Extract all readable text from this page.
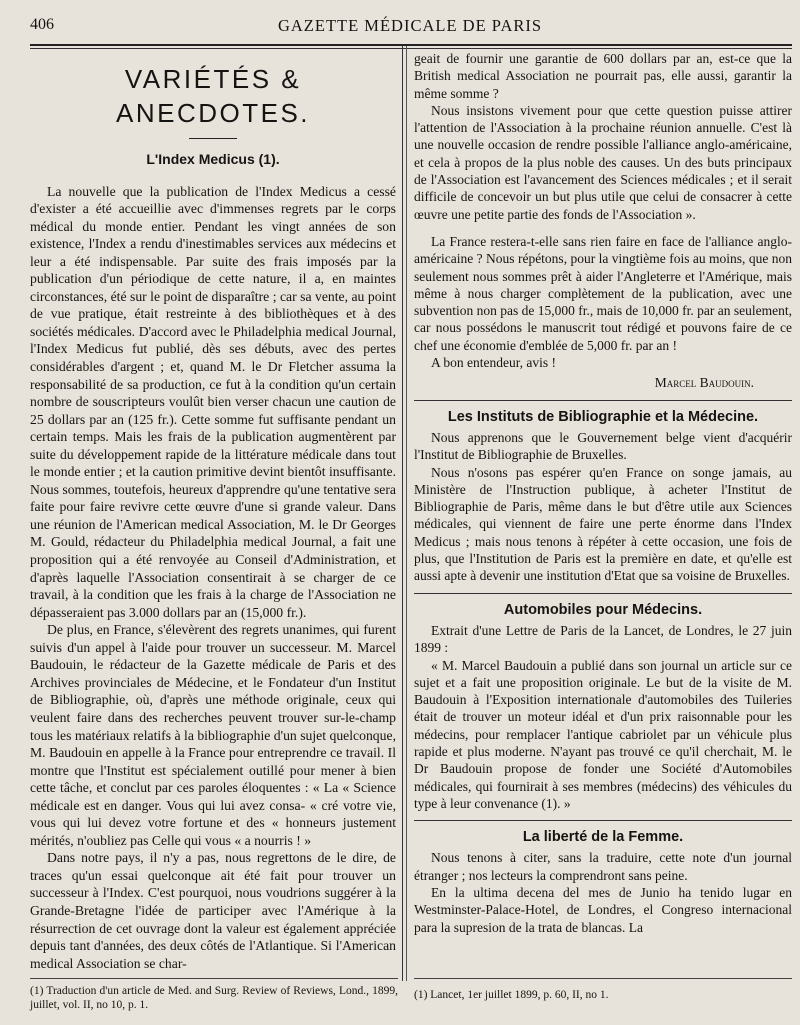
406	GAZETTE MÉDICALE DE PARIS
VARIÉTÉS & ANECDOTES.
L'Index Medicus (1).

La nouvelle que la publication de l'Index Medicus a cessé d'exister a été accueillie avec d'immenses regrets par le corps médical du monde entier. Pendant les vingt années de son existence, l'Index a rendu d'inestimables services aux médecins et leur a été indispensable. Par suite des frais imposés par la publication d'un périodique de cette nature, il a, en maintes circonstances, été sur le point de disparaître ; car sa vente, au point de vue pratique, était restreinte à des bibliothèques et à des sociétés médicales. D'accord avec le Philadelphia medical Journal, l'Index Medicus fut publié, dès ses débuts, avec des pertes considérables d'argent ; et, quand M. le Dr Fletcher assuma la responsabilité de sa production, ce fut à la condition qu'un certain nombre de souscripteurs voulût bien verser chacun une caution de 25 dollars par an (125 fr.). Cette somme fut suffisante pendant un certain temps. Mais les frais de la publication augmentèrent par suite du développement rapide de la littérature médicale dans tout le monde entier ; et la caution primitive devint bientôt insuffisante. Nous sommes, toutefois, heureux d'apprendre qu'une tentative sera faite pour faire revivre cette œuvre d'une si grande valeur. Dans une réunion de l'American medical Association, M. le Dr Georges M. Gould, rédacteur du Philadelphia medical Journal, a fait une proposition qui a été renvoyée au Conseil d'Administration, et d'après laquelle l'Association consentirait à se charger de ce travail, à la condition que les frais à la charge de l'Association ne dépasseraient pas 3.000 dollars par an (15,000 fr.).

De plus, en France, s'élevèrent des regrets unanimes, qui furent suivis d'un appel à l'aide pour trouver un successeur. M. Marcel Baudouin, le rédacteur de la Gazette médicale de Paris et des Archives provinciales de Médecine, et le Fondateur d'un Institut de Bibliographie, où, d'après une méthode originale, ceux qui veulent faire dans des recherches peuvent trouver sur-le-champ tous les matériaux relatifs à la bibliographie d'un sujet quelconque, M. Baudouin en appelle à la France pour entreprendre ce travail. Il montre que l'Institut est spécialement outillé pour mener à bien cette tâche, et conclut par ces paroles éloquentes : « La « Science médicale est en danger. Vous qui lui avez consa- « cré votre vie, vous qui lui devez votre fortune et des « honneurs justement mérités, n'oubliez pas Celle qui vous « a nourris ! »

Dans notre pays, il n'y a pas, nous regrettons de le dire, de traces qu'un essai quelconque ait été fait pour trouver un successeur à l'Index. C'est pourquoi, nous voudrions suggérer à la Grande-Bretagne l'idée de participer avec l'Amérique à la résurrection de cet ouvrage dont la valeur est également appréciée depuis tant d'années, des deux côtés de l'Atlantique. Si l'American medical Association se char-

geait de fournir une garantie de 600 dollars par an, est-ce que la British medical Association ne pourrait pas, elle aussi, garantir la même somme ?

Nous insistons vivement pour que cette question puisse attirer l'attention de l'Association à la prochaine réunion annuelle. C'est là une nouvelle occasion de rendre possible l'alliance anglo-américaine, et cela à propos de la plus noble des causes. Un des buts principaux de l'Association est l'avancement des Sciences médicales ; et il serait difficile de concevoir un but plus utile que celui de consacrer à cette œuvre une petite partie des fonds de l'Association ».

La France restera-t-elle sans rien faire en face de l'alliance anglo-américaine ? Nous répétons, pour la vingtième fois au moins, que non seulement nous sommes prêt à aider l'Angleterre et l'Amérique, mais même à nous charger complètement de la publication, avec une subvention non pas de 15,000 fr., mais de 10,000 fr. par an seulement, car nous possédons le manuscrit tout rédigé et pouvons faire de ce chef une économie d'emblée de 5,000 fr. par an !

A bon entendeur, avis !

Marcel Baudouin.
Les Instituts de Bibliographie et la Médecine.

Nous apprenons que le Gouvernement belge vient d'acquérir l'Institut de Bibliographie de Bruxelles.

Nous n'osons pas espérer qu'en France on songe jamais, au Ministère de l'Instruction publique, à acheter l'Institut de Bibliographie de Paris, même dans le but d'être utile aux Sciences médicales, qui viennent de faire une perte énorme dans l'Index Medicus ; mais nous tenons à répéter à cette occasion, une fois de plus, que l'Institution de Paris est la première en date, et qu'elle est aussi apte à devenir une institution d'Etat que sa voisine de Bruxelles.

Automobiles pour Médecins.

Extrait d'une Lettre de Paris de la Lancet, de Londres, le 27 juin 1899 :

« M. Marcel Baudouin a publié dans son journal un article sur ce sujet et a fait une proposition originale. Le but de la visite de M. Baudouin à l'Exposition internationale d'automobiles des Tuileries était de trouver un moteur idéal et d'un prix raisonnable pour les médecins, pour remplacer l'antique cabriolet par un véhicule plus rapide et plus moderne. N'ayant pas trouvé ce qu'il cherchait, M. le Dr Baudouin propose de fonder une Société d'Automobiles médicales, qui fournirait à ses membres (médecins) des véhicules du type à leur convenance (1). »

La liberté de la Femme.

Nous tenons à citer, sans la traduire, cette note d'un journal étranger ; nos lecteurs la comprendront sans peine.

En la ultima decena del mes de Junio ha tenido lugar en Westminster-Palace-Hotel, de Londres, el Congreso internacional para la supresion de la trata de blancas. La

(1) Traduction d'un article de Med. and Surg. Review of Reviews, Lond., 1899, juillet, vol. II, no 10, p. 1.
(1) Lancet, 1er juillet 1899, p. 60, II, no 1.
